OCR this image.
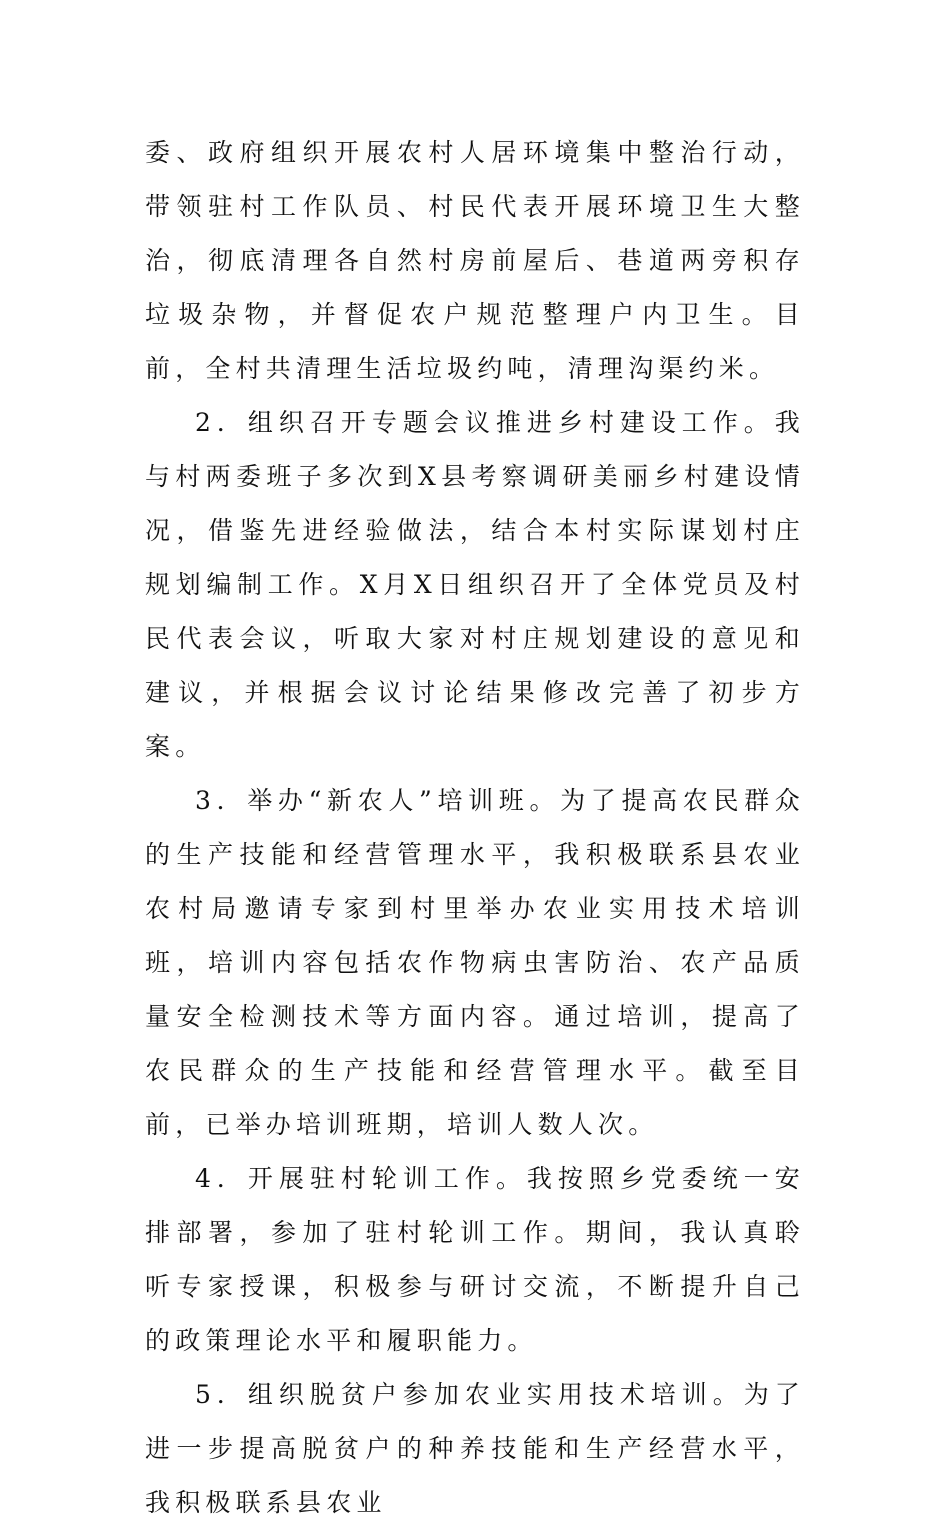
委、政府组织开展农村人居环境集中整治行动，带领驻村工作队员、村民代表开展环境卫生大整治，彻底清理各自然村房前屋后、巷道两旁积存垃圾杂物，并督促农户规范整理户内卫生。目前，全村共清理生活垃圾约吨，清理沟渠约米。

2．组织召开专题会议推进乡村建设工作。我与村两委班子多次到X县考察调研美丽乡村建设情况，借鉴先进经验做法，结合本村实际谋划村庄规划编制工作。X月X日组织召开了全体党员及村民代表会议，听取大家对村庄规划建设的意见和建议，并根据会议讨论结果修改完善了初步方案。

3．举办“新农人”培训班。为了提高农民群众的生产技能和经营管理水平，我积极联系县农业农村局邀请专家到村里举办农业实用技术培训班，培训内容包括农作物病虫害防治、农产品质量安全检测技术等方面内容。通过培训，提高了农民群众的生产技能和经营管理水平。截至目前，已举办培训班期，培训人数人次。

4．开展驻村轮训工作。我按照乡党委统一安排部署，参加了驻村轮训工作。期间，我认真聆听专家授课，积极参与研讨交流，不断提升自己的政策理论水平和履职能力。

5．组织脱贫户参加农业实用技术培训。为了进一步提高脱贫户的种养技能和生产经营水平，我积极联系县农业
